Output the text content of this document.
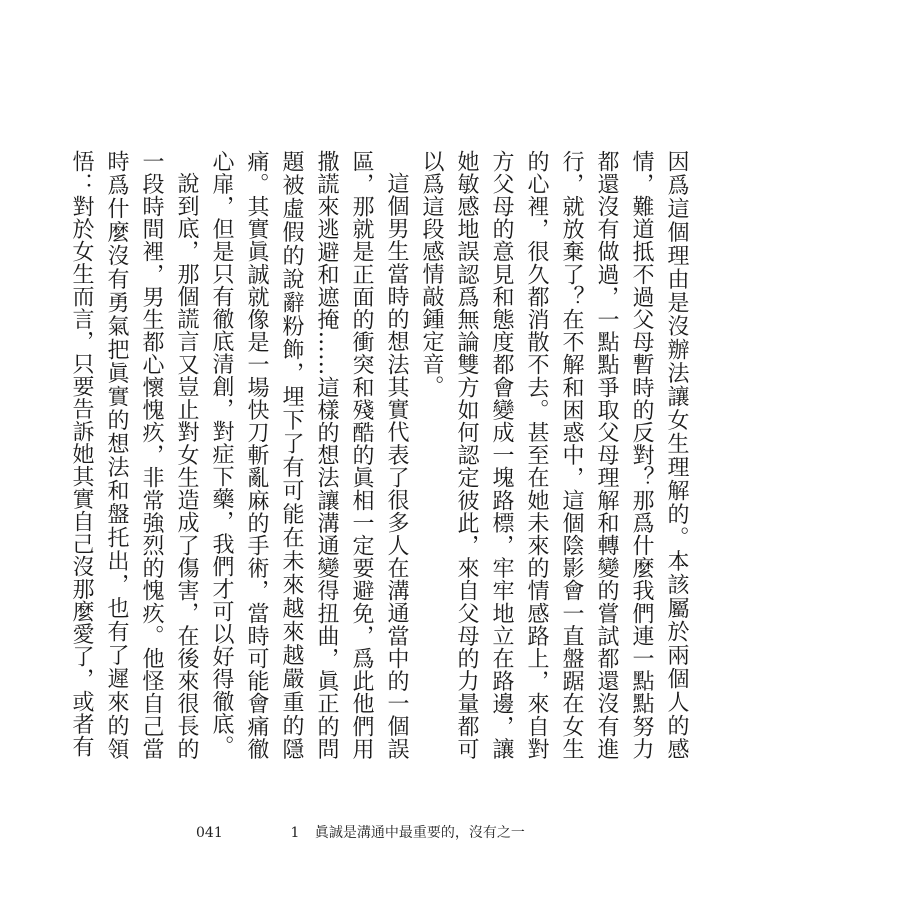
因爲這個理由是沒辦法讓女生理解的。本該屬於兩個人的感情，難道抵不過父母暫時的反對？那爲什麼我們連一點點努力都還沒有做過，一點點爭取父母理解和轉變的嘗試都還沒有進行，就放棄了？在不解和困惑中，這個陰影會一直盤踞在女生的心裡，很久都消散不去。甚至在她未來的情感路上，來自對方父母的意見和態度都會變成一塊路標，牢牢地立在路邊，讓她敏感地誤認爲無論雙方如何認定彼此，來自父母的力量都可以爲這段感情敲鍾定音。

這個男生當時的想法其實代表了很多人在溝通當中的一個誤區，那就是正面的衝突和殘酷的眞相一定要避免，爲此他們用撒謊來逃避和遮掩……這樣的想法讓溝通變得扭曲，眞正的問題被虛假的說辭粉飾，埋下了有可能在未來越來越嚴重的隱痛。其實眞誠就像是一場快刀斬亂麻的手術，當時可能會痛徹心扉，但是只有徹底清創，對症下藥，我們才可以好得徹底。

說到底，那個謊言又豈止對女生造成了傷害，在後來很長的一段時間裡，男生都心懷愧疚，非常強烈的愧疚。他怪自己當時爲什麼沒有勇氣把眞實的想法和盤托出，也有了遲來的領悟：對於女生而言，只要告訴她其實自己沒那麼愛了，或者有

041	1 眞誠是溝通中最重要的，沒有之一
